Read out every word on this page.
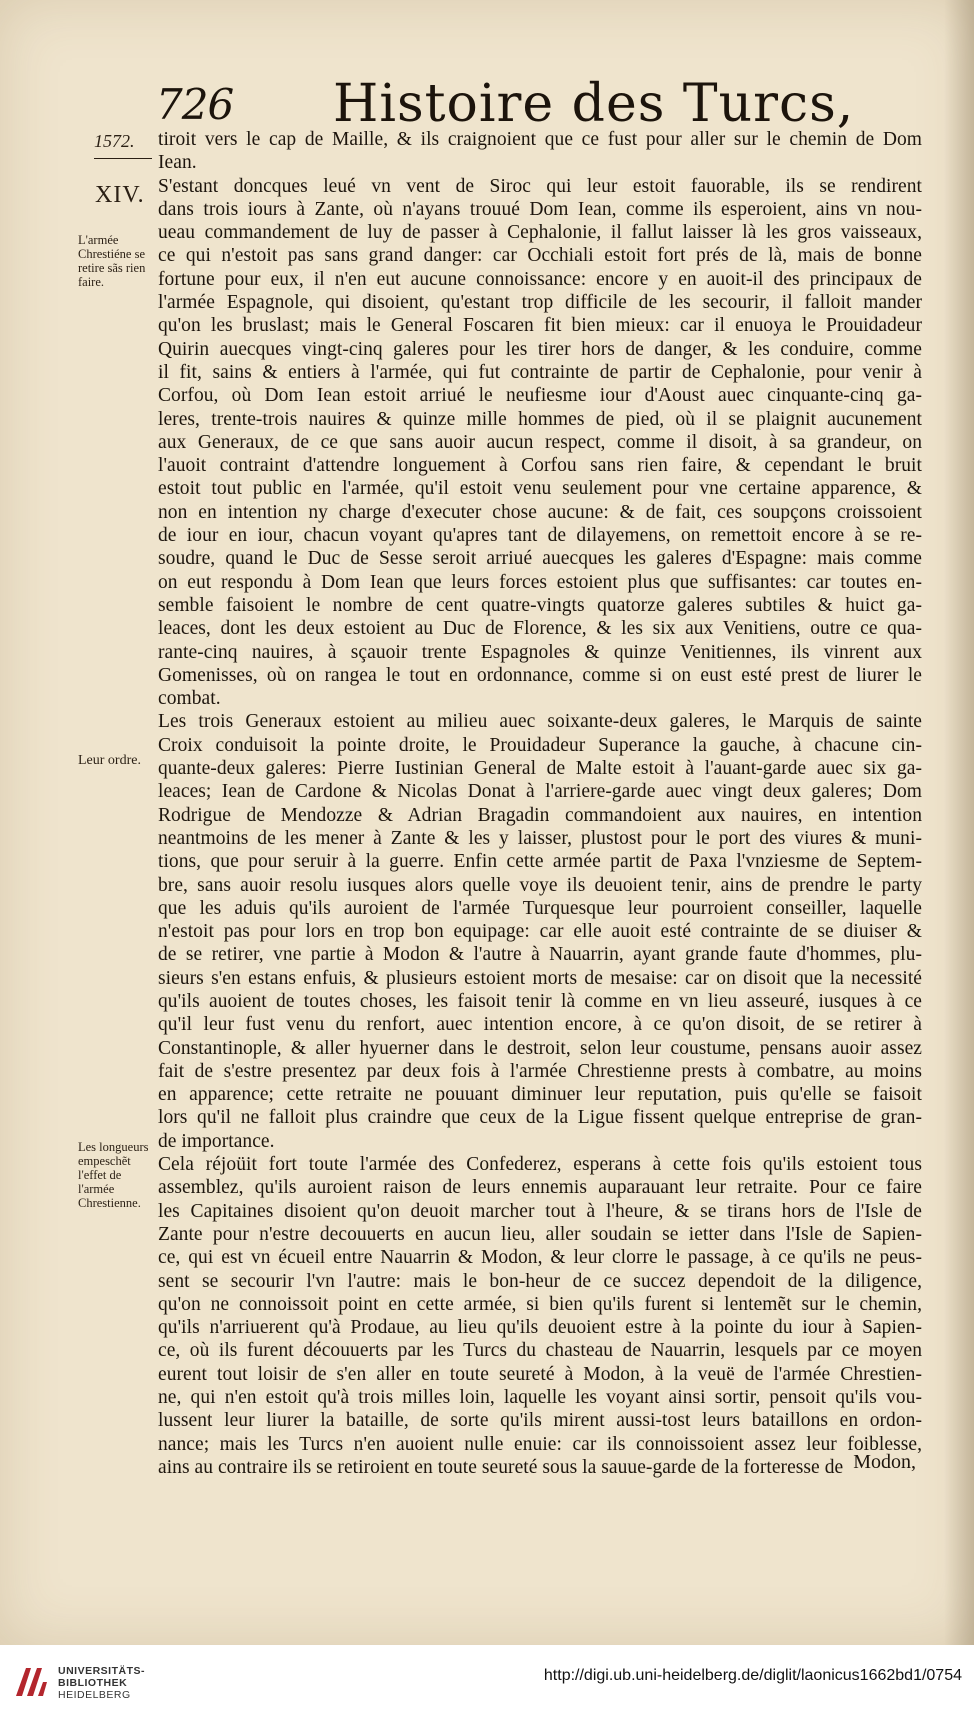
726 Histoire des Turcs,
1572.
XIV.
L'armée Chrestiéne se retire sãs rien faire.
Leur ordre.
Les longueurs empeschẽt l'effet de l'armée Chrestienne.
tiroit vers le cap de Maille, & ils craignoient que ce fust pour aller sur le chemin de Dom
Iean.
S'estant doncques leué vn vent de Siroc qui leur estoit fauorable, ils se rendirent
dans trois iours à Zante, où n'ayans trouué Dom Iean, comme ils esperoient, ains vn nou-
ueau commandement de luy de passer à Cephalonie, il fallut laisser là les gros vaisseaux,
ce qui n'estoit pas sans grand danger: car Occhiali estoit fort prés de là, mais de bonne
fortune pour eux, il n'en eut aucune connoissance: encore y en auoit-il des principaux de
l'armée Espagnole, qui disoient, qu'estant trop difficile de les secourir, il falloit mander
qu'on les bruslast; mais le General Foscaren fit bien mieux: car il enuoya le Prouidadeur
Quirin auecques vingt-cinq galeres pour les tirer hors de danger, & les conduire, comme
il fit, sains & entiers à l'armée, qui fut contrainte de partir de Cephalonie, pour venir à
Corfou, où Dom Iean estoit arriué le neufiesme iour d'Aoust auec cinquante-cinq ga-
leres, trente-trois nauires & quinze mille hommes de pied, où il se plaignit aucunement
aux Generaux, de ce que sans auoir aucun respect, comme il disoit, à sa grandeur, on
l'auoit contraint d'attendre longuement à Corfou sans rien faire, & cependant le bruit
estoit tout public en l'armée, qu'il estoit venu seulement pour vne certaine apparence, &
non en intention ny charge d'executer chose aucune: & de fait, ces soupçons croissoient
de iour en iour, chacun voyant qu'apres tant de dilayemens, on remettoit encore à se re-
soudre, quand le Duc de Sesse seroit arriué auecques les galeres d'Espagne: mais comme
on eut respondu à Dom Iean que leurs forces estoient plus que suffisantes: car toutes en-
semble faisoient le nombre de cent quatre-vingts quatorze galeres subtiles & huict ga-
leaces, dont les deux estoient au Duc de Florence, & les six aux Venitiens, outre ce qua-
rante-cinq nauires, à sçauoir trente Espagnoles & quinze Venitiennes, ils vinrent aux
Gomenisses, où on rangea le tout en ordonnance, comme si on eust esté prest de liurer le
combat.
Les trois Generaux estoient au milieu auec soixante-deux galeres, le Marquis de sainte
Croix conduisoit la pointe droite, le Prouidadeur Superance la gauche, à chacune cin-
quante-deux galeres: Pierre Iustinian General de Malte estoit à l'auant-garde auec six ga-
leaces; Iean de Cardone & Nicolas Donat à l'arriere-garde auec vingt deux galeres; Dom
Rodrigue de Mendozze & Adrian Bragadin commandoient aux nauires, en intention
neantmoins de les mener à Zante & les y laisser, plustost pour le port des viures & muni-
tions, que pour seruir à la guerre. Enfin cette armée partit de Paxa l'vnziesme de Septem-
bre, sans auoir resolu iusques alors quelle voye ils deuoient tenir, ains de prendre le party
que les aduis qu'ils auroient de l'armée Turquesque leur pourroient conseiller, laquelle
n'estoit pas pour lors en trop bon equipage: car elle auoit esté contrainte de se diuiser &
de se retirer, vne partie à Modon & l'autre à Nauarrin, ayant grande faute d'hommes, plu-
sieurs s'en estans enfuis, & plusieurs estoient morts de mesaise: car on disoit que la necessité
qu'ils auoient de toutes choses, les faisoit tenir là comme en vn lieu asseuré, iusques à ce
qu'il leur fust venu du renfort, auec intention encore, à ce qu'on disoit, de se retirer à
Constantinople, & aller hyuerner dans le destroit, selon leur coustume, pensans auoir assez
fait de s'estre presentez par deux fois à l'armée Chrestienne prests à combatre, au moins
en apparence; cette retraite ne pouuant diminuer leur reputation, puis qu'elle se faisoit
lors qu'il ne falloit plus craindre que ceux de la Ligue fissent quelque entreprise de gran-
de importance.
Cela réjoüit fort toute l'armée des Confederez, esperans à cette fois qu'ils estoient tous
assemblez, qu'ils auroient raison de leurs ennemis auparauant leur retraite. Pour ce faire
les Capitaines disoient qu'on deuoit marcher tout à l'heure, & se tirans hors de l'Isle de
Zante pour n'estre decouuerts en aucun lieu, aller soudain se ietter dans l'Isle de Sapien-
ce, qui est vn écueil entre Nauarrin & Modon, & leur clorre le passage, à ce qu'ils ne peus-
sent se secourir l'vn l'autre: mais le bon-heur de ce succez dependoit de la diligence,
qu'on ne connoissoit point en cette armée, si bien qu'ils furent si lentemẽt sur le chemin,
qu'ils n'arriuerent qu'à Prodaue, au lieu qu'ils deuoient estre à la pointe du iour à Sapien-
ce, où ils furent découuerts par les Turcs du chasteau de Nauarrin, lesquels par ce moyen
eurent tout loisir de s'en aller en toute seureté à Modon, à la veuë de l'armée Chrestien-
ne, qui n'en estoit qu'à trois milles loin, laquelle les voyant ainsi sortir, pensoit qu'ils vou-
lussent leur liurer la bataille, de sorte qu'ils mirent aussi-tost leurs bataillons en ordon-
nance; mais les Turcs n'en auoient nulle enuie: car ils connoissoient assez leur foiblesse,
ains au contraire ils se retiroient en toute seureté sous la sauue-garde de la forteresse de Modon,
UNIVERSITÄTS-
BIBLIOTHEK
HEIDELBERG
http://digi.ub.uni-heidelberg.de/diglit/laonicus1662bd1/0754
